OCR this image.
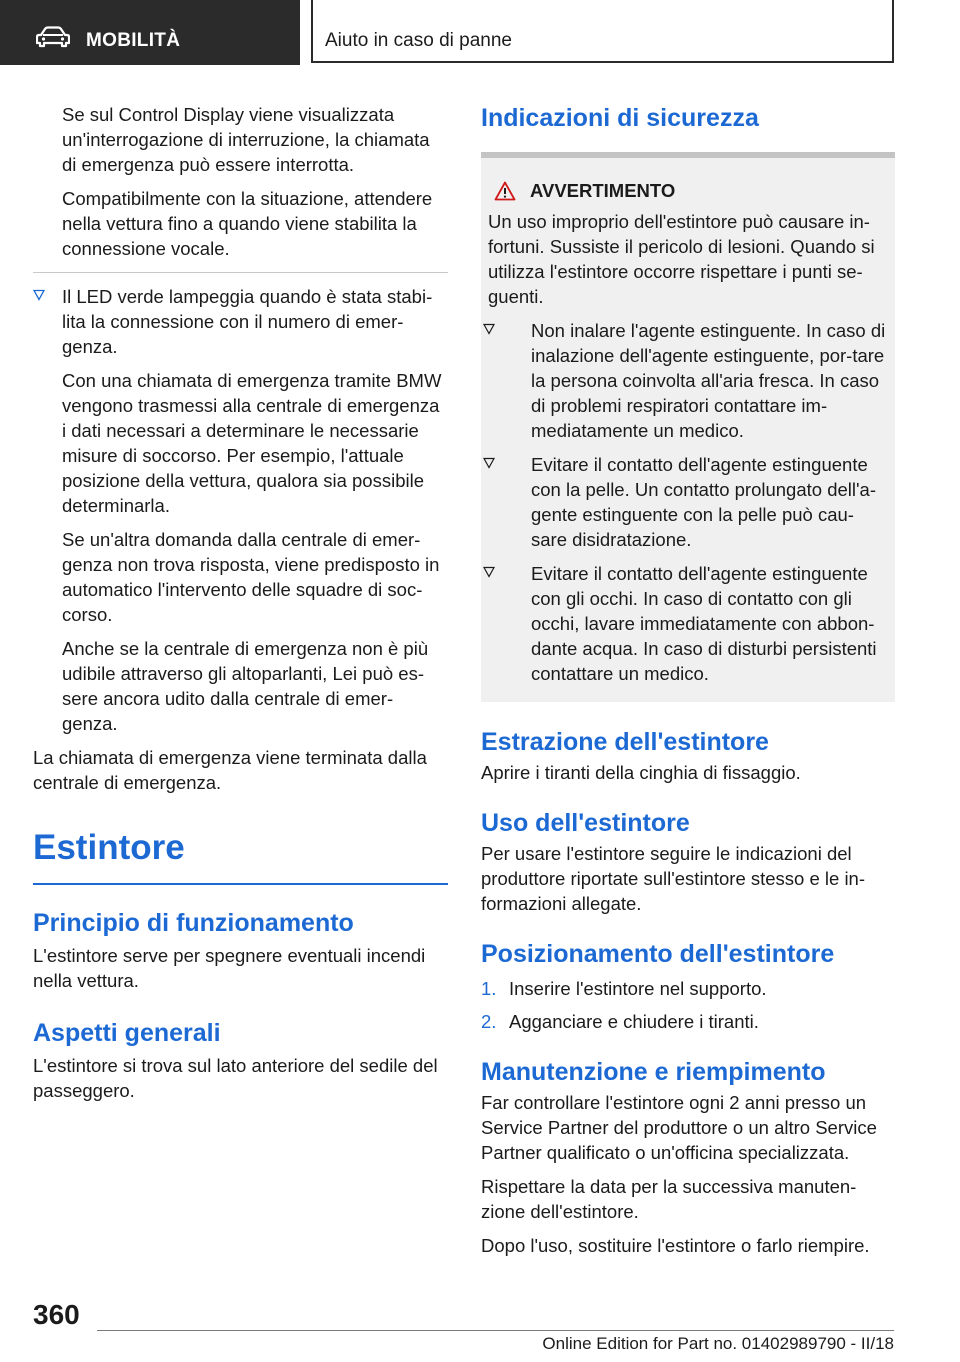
MOBILITÀ	Aiuto in caso di panne

Se sul Control Display viene visualizzata un'interrogazione di interruzione, la chiamata di emergenza può essere interrotta.

Compatibilmente con la situazione, attendere nella vettura fino a quando viene stabilita la connessione vocale.

Il LED verde lampeggia quando è stata stabi-lita la connessione con il numero di emer-genza.

Con una chiamata di emergenza tramite BMW vengono trasmessi alla centrale di emergenza i dati necessari a determinare le necessarie misure di soccorso. Per esempio, l'attuale posizione della vettura, qualora sia possibile determinarla.

Se un'altra domanda dalla centrale di emer-genza non trova risposta, viene predisposto in automatico l'intervento delle squadre di soc-corso.

Anche se la centrale di emergenza non è più udibile attraverso gli altoparlanti, Lei può es-sere ancora udito dalla centrale di emer-genza.

La chiamata di emergenza viene terminata dalla centrale di emergenza.

Estintore
Principio di funzionamento

L'estintore serve per spegnere eventuali incendi nella vettura.

Aspetti generali

L'estintore si trova sul lato anteriore del sedile del passeggero.

Indicazioni di sicurezza
AVVERTIMENTO

Un uso improprio dell'estintore può causare in-fortuni. Sussiste il pericolo di lesioni. Quando si utilizza l'estintore occorre rispettare i punti se-guenti.

Non inalare l'agente estinguente. In caso di inalazione dell'agente estinguente, por-tare la persona coinvolta all'aria fresca. In caso di problemi respiratori contattare im-mediatamente un medico.
Evitare il contatto dell'agente estinguente con la pelle. Un contatto prolungato dell'a-gente estinguente con la pelle può cau-sare disidratazione.
Evitare il contatto dell'agente estinguente con gli occhi. In caso di contatto con gli occhi, lavare immediatamente con abbon-dante acqua. In caso di disturbi persistenti contattare un medico.
Estrazione dell'estintore

Aprire i tiranti della cinghia di fissaggio.

Uso dell'estintore

Per usare l'estintore seguire le indicazioni del produttore riportate sull'estintore stesso e le in-formazioni allegate.

Posizionamento dell'estintore
1. Inserire l'estintore nel supporto.
2. Agganciare e chiudere i tiranti.
Manutenzione e riempimento

Far controllare l'estintore ogni 2 anni presso un Service Partner del produttore o un altro Service Partner qualificato o un'officina specializzata.

Rispettare la data per la successiva manuten-zione dell'estintore.

Dopo l'uso, sostituire l'estintore o farlo riempire.

360
Online Edition for Part no. 01402989790 - II/18
